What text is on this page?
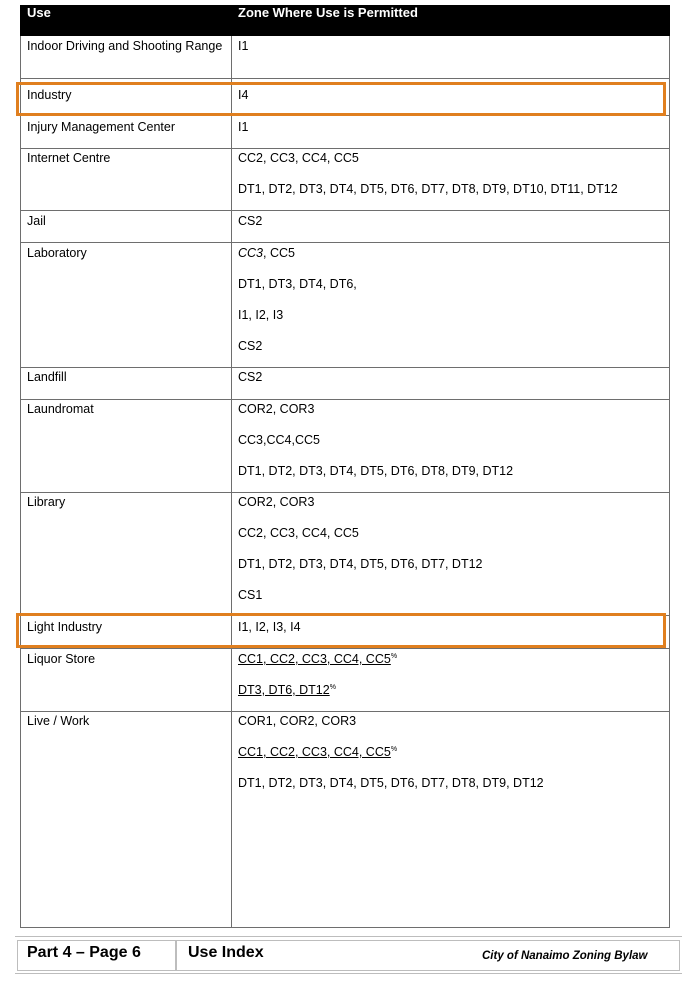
Use	Zone Where Use is Permitted
Indoor Driving and Shooting Range I1
Industry	I4
Injury Management Center	I1
Internet Centre	CC2, CC3, CC4, CC5
DT1, DT2, DT3, DT4, DT5, DT6, DT7, DT8, DT9, DT10, DT11, DT12
Jail	CS2
Laboratory	CC3, CC5
DT1, DT3, DT4, DT6,
I1, I2, I3
CS2
Landfill	CS2
Laundromat	COR2, COR3
CC3,CC4,CC5
DT1, DT2, DT3, DT4, DT5, DT6, DT8, DT9, DT12
Library	COR2, COR3
CC2, CC3, CC4, CC5
DT1, DT2, DT3, DT4, DT5, DT6, DT7, DT12
CS1
Light Industry	I1, I2, I3, I4
Liquor Store	CC1, CC2, CC3, CC4, CC5%
DT3, DT6, DT12%
Live / Work	COR1, COR2, COR3
CC1, CC2, CC3, CC4, CC5%
DT1, DT2, DT3, DT4, DT5, DT6, DT7, DT8, DT9, DT12
Part 4 – Page 6	Use Index	City of Nanaimo Zoning Bylaw
